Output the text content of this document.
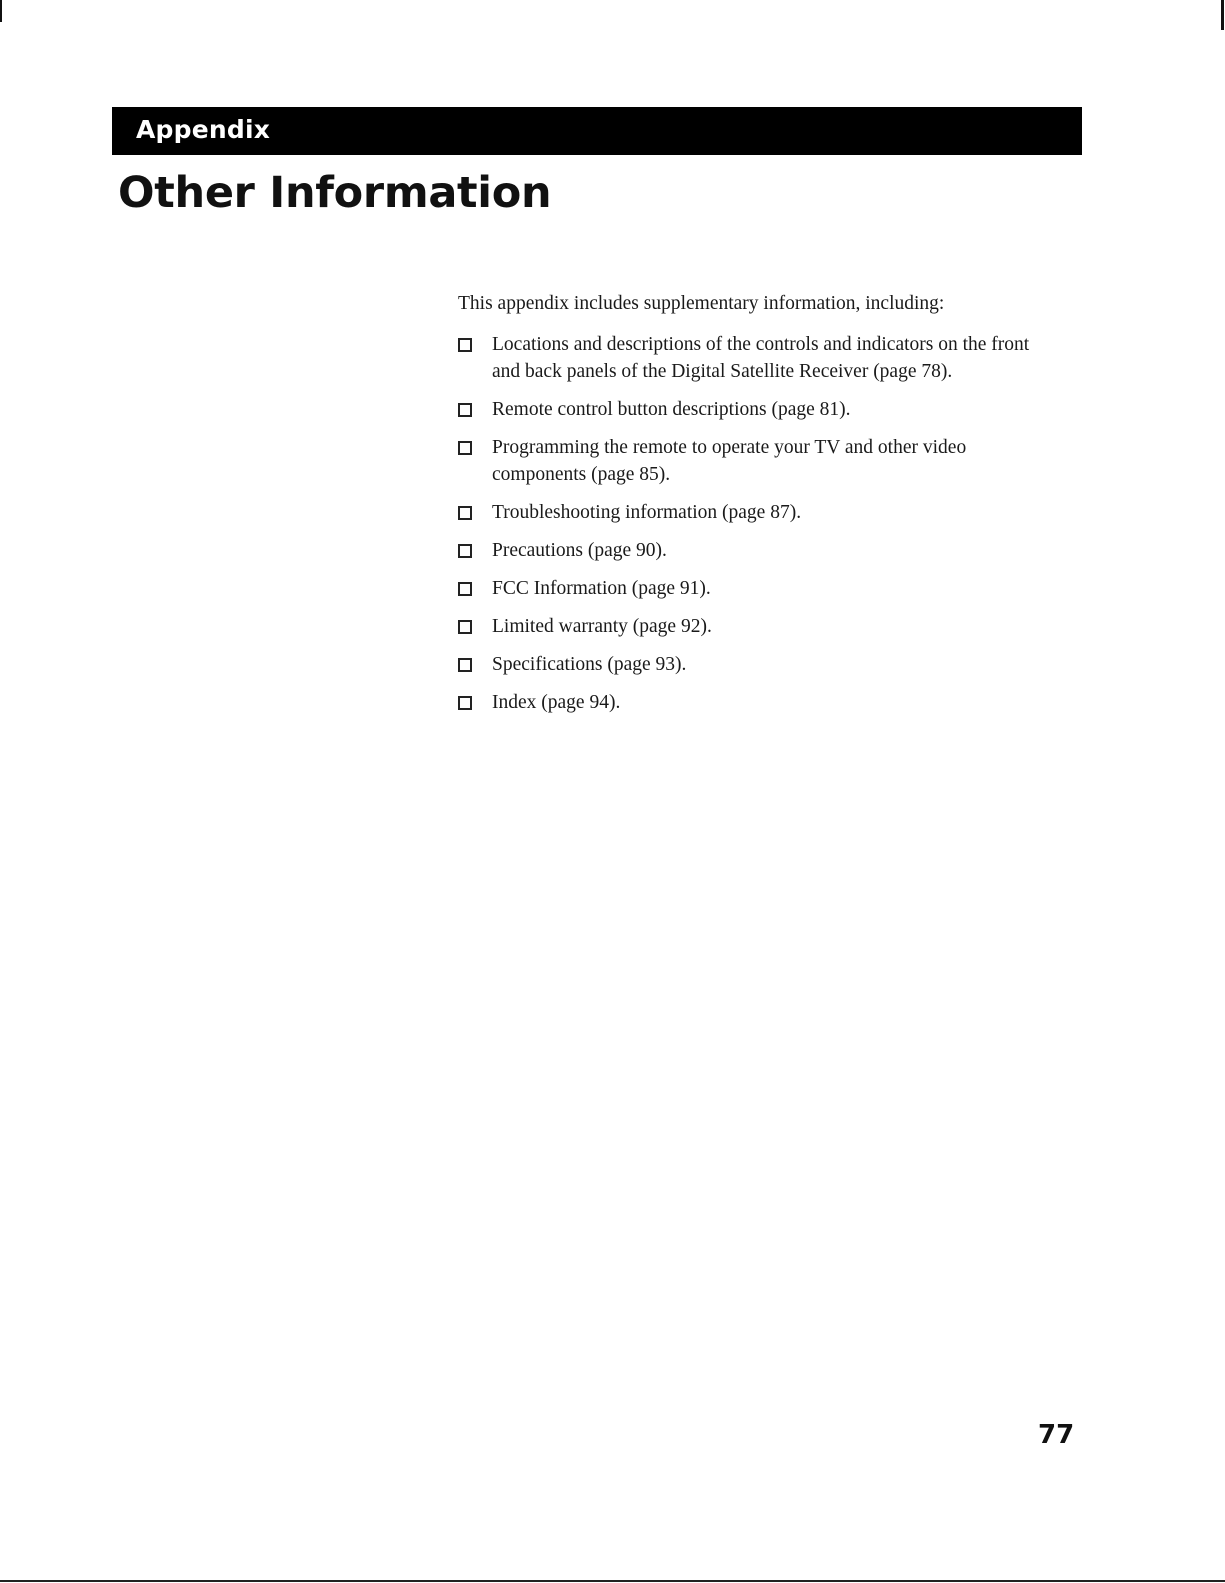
Appendix
Other Information

This appendix includes supplementary information, including:

Locations and descriptions of the controls and indicators on the front and back panels of the Digital Satellite Receiver (page 78).
Remote control button descriptions (page 81).
Programming the remote to operate your TV and other video components (page 85).
Troubleshooting information (page 87).
Precautions (page 90).
FCC Information (page 91).
Limited warranty (page 92).
Specifications (page 93).
Index (page 94).
77
